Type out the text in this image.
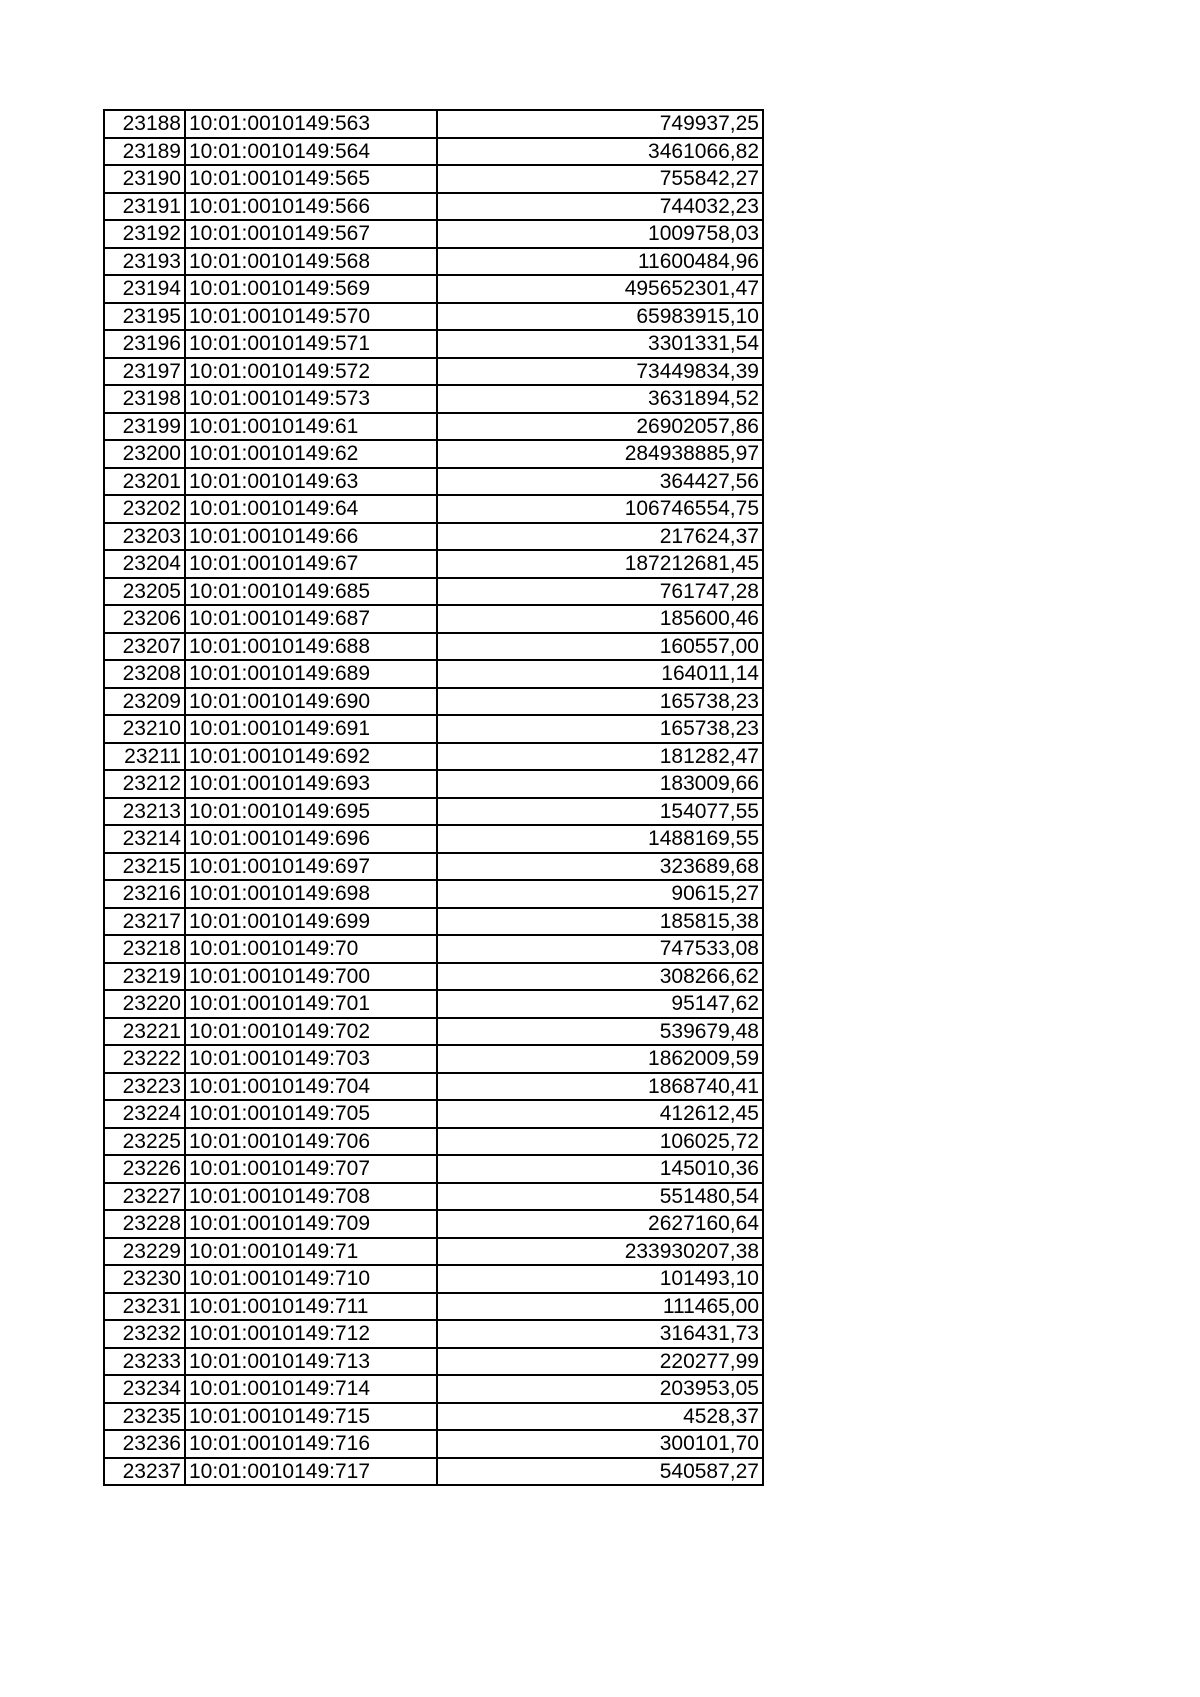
23188	10:01:0010149:563	749937,25
23189	10:01:0010149:564	3461066,82
23190	10:01:0010149:565	755842,27
23191	10:01:0010149:566	744032,23
23192	10:01:0010149:567	1009758,03
23193	10:01:0010149:568	11600484,96
23194	10:01:0010149:569	495652301,47
23195	10:01:0010149:570	65983915,10
23196	10:01:0010149:571	3301331,54
23197	10:01:0010149:572	73449834,39
23198	10:01:0010149:573	3631894,52
23199	10:01:0010149:61	26902057,86
23200	10:01:0010149:62	284938885,97
23201	10:01:0010149:63	364427,56
23202	10:01:0010149:64	106746554,75
23203	10:01:0010149:66	217624,37
23204	10:01:0010149:67	187212681,45
23205	10:01:0010149:685	761747,28
23206	10:01:0010149:687	185600,46
23207	10:01:0010149:688	160557,00
23208	10:01:0010149:689	164011,14
23209	10:01:0010149:690	165738,23
23210	10:01:0010149:691	165738,23
23211	10:01:0010149:692	181282,47
23212	10:01:0010149:693	183009,66
23213	10:01:0010149:695	154077,55
23214	10:01:0010149:696	1488169,55
23215	10:01:0010149:697	323689,68
23216	10:01:0010149:698	90615,27
23217	10:01:0010149:699	185815,38
23218	10:01:0010149:70	747533,08
23219	10:01:0010149:700	308266,62
23220	10:01:0010149:701	95147,62
23221	10:01:0010149:702	539679,48
23222	10:01:0010149:703	1862009,59
23223	10:01:0010149:704	1868740,41
23224	10:01:0010149:705	412612,45
23225	10:01:0010149:706	106025,72
23226	10:01:0010149:707	145010,36
23227	10:01:0010149:708	551480,54
23228	10:01:0010149:709	2627160,64
23229	10:01:0010149:71	233930207,38
23230	10:01:0010149:710	101493,10
23231	10:01:0010149:711	111465,00
23232	10:01:0010149:712	316431,73
23233	10:01:0010149:713	220277,99
23234	10:01:0010149:714	203953,05
23235	10:01:0010149:715	4528,37
23236	10:01:0010149:716	300101,70
23237	10:01:0010149:717	540587,27
